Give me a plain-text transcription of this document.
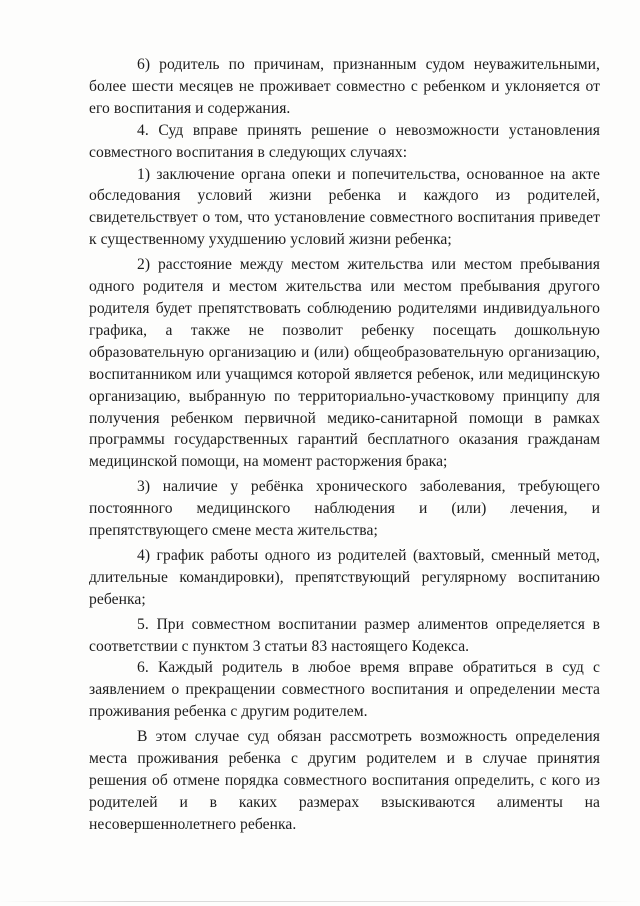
6) родитель по причинам, признанным судом неуважительными, более шести месяцев не проживает совместно с ребенком и уклоняется от его воспитания и содержания.

4. Суд вправе принять решение о невозможности установления совместного воспитания в следующих случаях:

1) заключение органа опеки и попечительства, основанное на акте обследования условий жизни ребенка и каждого из родителей, свидетельствует о том, что установление совместного воспитания приведет к существенному ухудшению условий жизни ребенка;

2) расстояние между местом жительства или местом пребывания одного родителя и местом жительства или местом пребывания другого родителя будет препятствовать соблюдению родителями индивидуального графика, а также не позволит ребенку посещать дошкольную образовательную организацию и (или) общеобразовательную организацию, воспитанником или учащимся которой является ребенок, или медицинскую организацию, выбранную по территориально-участковому принципу для получения ребенком первичной медико-санитарной помощи в рамках программы государственных гарантий бесплатного оказания гражданам медицинской помощи, на момент расторжения брака;

3) наличие у ребёнка хронического заболевания, требующего постоянного медицинского наблюдения и (или) лечения, и препятствующего смене места жительства;

4) график работы одного из родителей (вахтовый, сменный метод, длительные командировки), препятствующий регулярному воспитанию ребенка;

5. При совместном воспитании размер алиментов определяется в соответствии с пунктом 3 статьи 83 настоящего Кодекса.

6. Каждый родитель в любое время вправе обратиться в суд с заявлением о прекращении совместного воспитания и определении места проживания ребенка с другим родителем.

В этом случае суд обязан рассмотреть возможность определения места проживания ребенка с другим родителем и в случае принятия решения об отмене порядка совместного воспитания определить, с кого из родителей и в каких размерах взыскиваются алименты на несовершеннолетнего ребенка.
